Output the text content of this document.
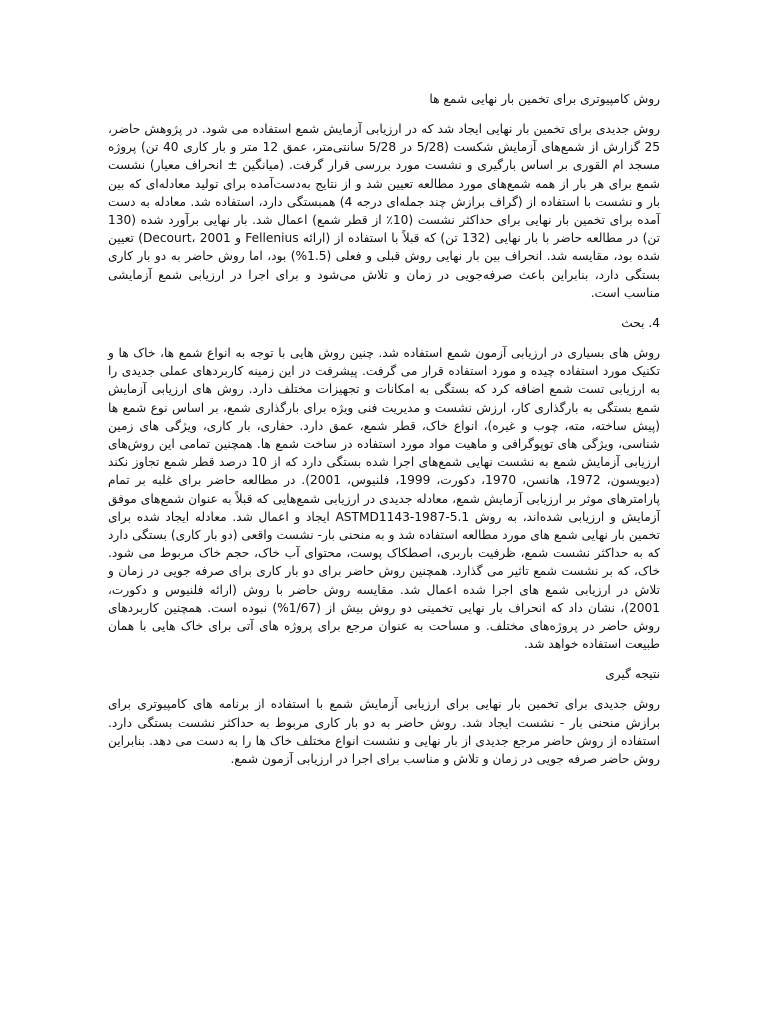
روش کامپیوتری برای تخمین بار نهایی شمع ها

روش جدیدی برای تخمین بار نهایی ایجاد شد که در ارزیابی آزمایش شمع استفاده می شود. در پژوهش حاضر، 25 گزارش از شمع‌های آزمایش شکست (5/28 در 5/28 سانتی‌متر، عمق 12 متر و بار کاری 40 تن) پروژه مسجد ام القوری بر اساس بارگیری و نشست مورد بررسی قرار گرفت. (میانگین ± انحراف معیار) نشست شمع برای هر بار از همه شمع‌های مورد مطالعه تعیین شد و از نتایج به‌دست‌آمده برای تولید معادله‌ای که بین بار و نشست با استفاده از (گراف برازش چند جمله‌ای درجه 4) همبستگی دارد، استفاده شد. معادله به دست آمده برای تخمین بار نهایی برای حداکثر نشست (10٪ از قطر شمع) اعمال شد. بار نهایی برآورد شده (130 تن) در مطالعه حاضر با بار نهایی (132 تن) که قبلاً با استفاده از (ارائه Fellenius و 2001 ،Decourt) تعیین شده بود، مقایسه شد. انحراف بین بار نهایی روش قبلی و فعلی (1.5%) بود، اما روش حاضر به دو بار کاری بستگی دارد، بنابراین باعث صرفه‌جویی در زمان و تلاش می‌شود و برای اجرا در ارزیابی شمع آزمایشی مناسب است.

4. بحث

روش های بسیاری در ارزیابی آزمون شمع استفاده شد. چنین روش هایی با توجه به انواع شمع ها، خاک ها و تکنیک مورد استفاده چیده و مورد استفاده قرار می گرفت. پیشرفت در این زمینه کاربردهای عملی جدیدی را به ارزیابی تست شمع اضافه کرد که بستگی به امکانات و تجهیزات مختلف دارد. روش های ارزیابی آزمایش شمع بستگی به بارگذاری کار، ارزش نشست و مدیریت فنی ویژه برای بارگذاری شمع، بر اساس نوع شمع ها (پیش ساخته، مته، چوب و غیره)، انواع خاک، قطر شمع، عمق دارد. حفاری، بار کاری، ویژگی های زمین شناسی، ویژگی های توپوگرافی و ماهیت مواد مورد استفاده در ساخت شمع ها. همچنین تمامی این روش‌های ارزیابی آزمایش شمع به نشست نهایی شمع‌های اجرا شده بستگی دارد که از 10 درصد قطر شمع تجاوز نکند (دیویسون، 1972، هانسن، 1970، دکورت، 1999، فلنیوس، 2001). در مطالعه حاضر برای غلبه بر تمام پارامترهای موثر بر ارزیابی آزمایش شمع، معادله جدیدی در ارزیابی شمع‌هایی که قبلاً به عنوان شمع‌های موفق آزمایش و ارزیابی شده‌اند، به روش ASTMD1143-1987-5.1 ایجاد و اعمال شد. معادله ایجاد شده برای تخمین بار نهایی شمع های مورد مطالعه استفاده شد و به منحنی بار- نشست واقعی (دو بار کاری) بستگی دارد که به حداکثر نشست شمع، ظرفیت باربری، اصطکاک پوست، محتوای آب خاک، حجم خاک مربوط می شود. خاک، که بر نشست شمع تاثیر می گذارد. همچنین روش حاضر برای دو بار کاری برای صرفه جویی در زمان و تلاش در ارزیابی شمع های اجرا شده اعمال شد. مقایسه روش حاضر با روش (ارائه فلنیوس و دکورت، 2001)، نشان داد که انحراف بار نهایی تخمینی دو روش بیش از (1/67%) نبوده است. همچنین کاربردهای روش حاضر در پروژه‌های مختلف. و مساحت به عنوان مرجع برای پروژه های آتی برای خاک هایی با همان طبیعت استفاده خواهد شد.

نتیجه گیری

روش جدیدی برای تخمین بار نهایی برای ارزیابی آزمایش شمع با استفاده از برنامه های کامپیوتری برای برازش منحنی بار - نشست ایجاد شد. روش حاضر به دو بار کاری مربوط به حداکثر نشست بستگی دارد. استفاده از روش حاضر مرجع جدیدی از بار نهایی و نشست انواع مختلف خاک ها را به دست می دهد. بنابراین روش حاضر صرفه جویی در زمان و تلاش و مناسب برای اجرا در ارزیابی آزمون شمع.
